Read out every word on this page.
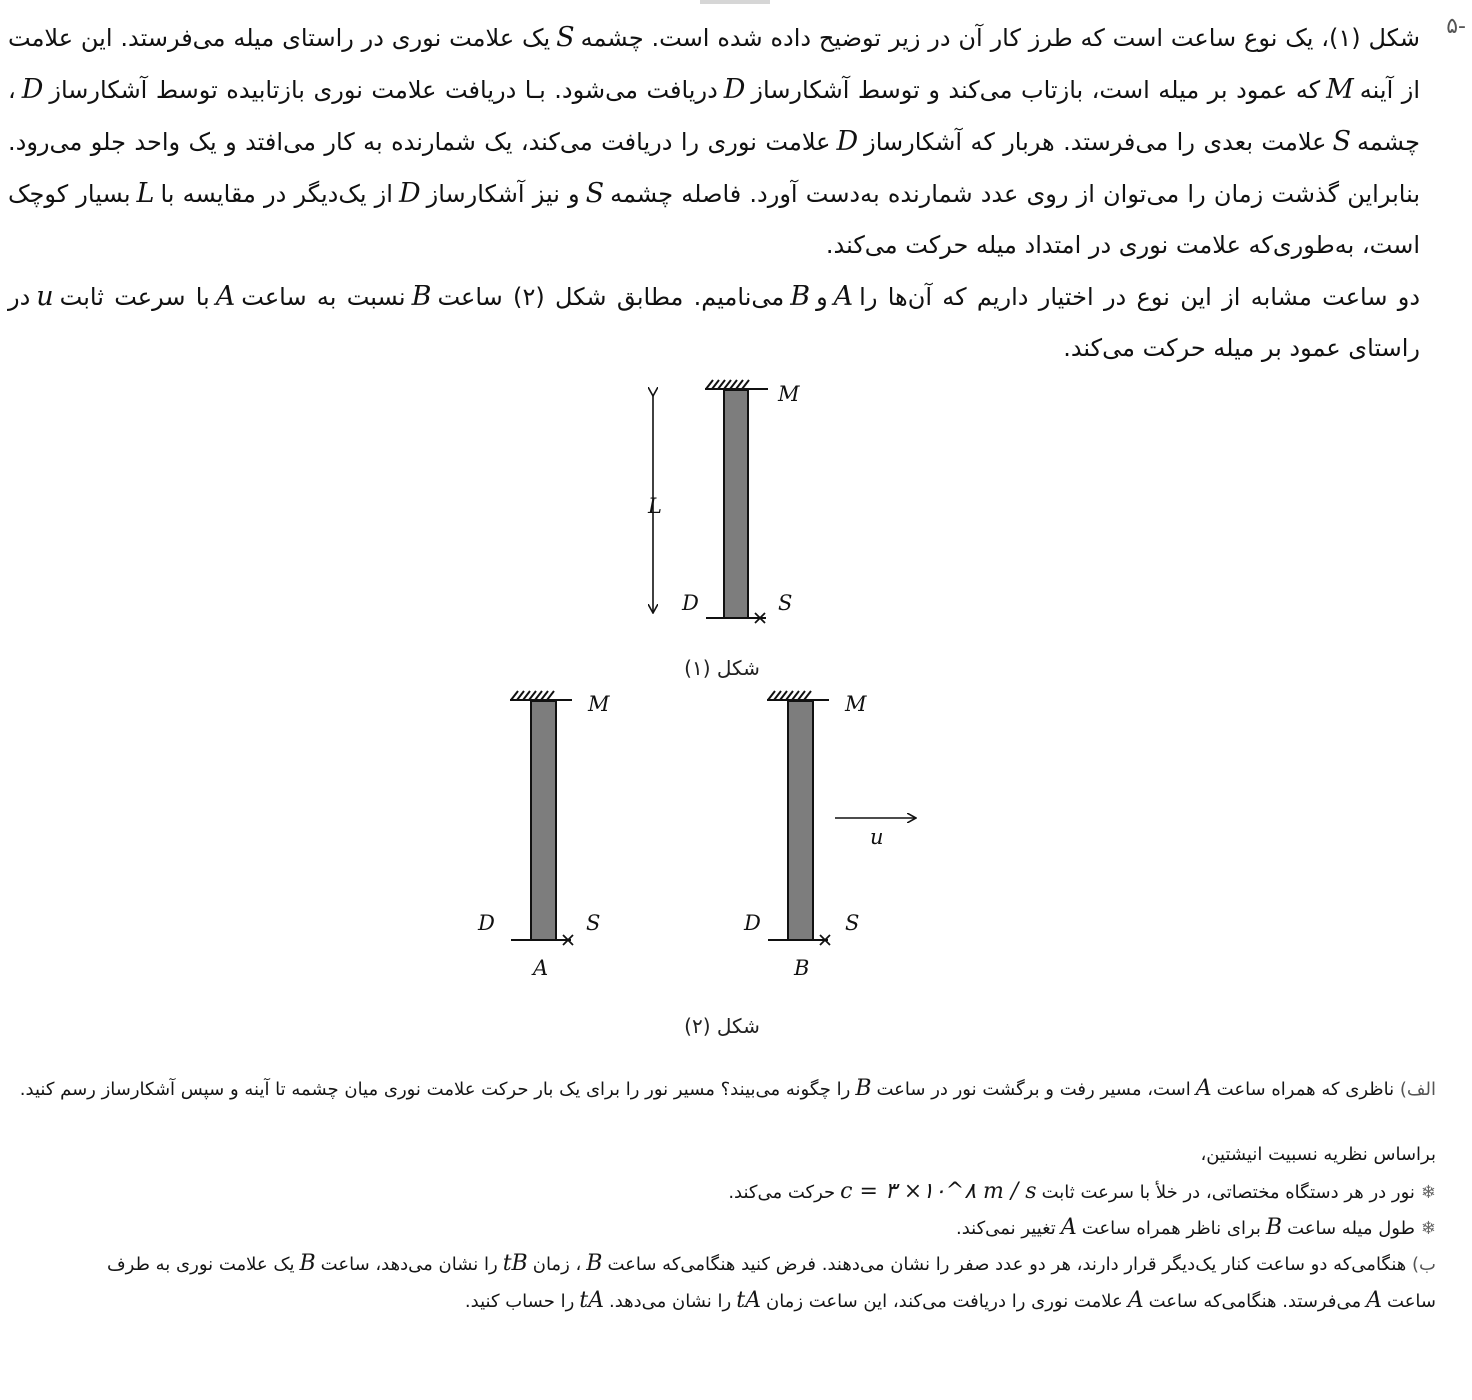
-۵

شکل (۱)، یک نوع ساعت است که طرز کار آن در زیر توضیح داده شده است. چشمهSیک علامت نوری در راستای میله می‌فرستد. این علامت از آینهMکه عمود بر میله است، بازتاب می‌کند و توسط آشکارسازDدریافت می‌شود. بـا دریافت علامت نوری بازتابیده توسط آشکارسازD، چشمهSعلامت بعدی را می‌فرستد. هربار که آشکارسازDعلامت نوری را دریافت می‌کند، یک شمارنده به کار می‌افتد و یک واحد جلو می‌رود. بنابراین گذشت زمان را می‌توان از روی عدد شمارنده به‌دست آورد. فاصله چشمهSو نیز آشکارسازDاز یک‌دیگر در مقایسه باLبسیار کوچک است، به‌طوری‌که علامت نوری در امتداد میله حرکت می‌کند.
دو ساعت مشابه از این نوع در اختیار داریم که آن‌ها راAوBمی‌نامیم. مطابق شکل (۲) ساعتBنسبت به ساعتAبا سرعت ثابتuدر راستای عمود بر میله حرکت می‌کند.

M
L
D	S
M
D	S
A
M
D	S
u
B
شکل (۱)
شکل (۲)

الف) ناظری که همراه ساعتAاست، مسیر رفت و برگشت نور در ساعتBرا چگونه می‌بیند؟ مسیر نور را برای یک بار حرکت علامت نوری میان چشمه تا آینه و سپس آشکارساز رسم کنید.

براساس نظریه نسبیت انیشتین،

❄نور در هر دستگاه مختصاتی، در خلأ با سرعت ثابتc = ۳ ×۱۰^۸ m / sحرکت می‌کند.

❄طول میله ساعتBبرای ناظر همراه ساعتAتغییر نمی‌کند.

ب) هنگامی‌که دو ساعت کنار یک‌دیگر قرار دارند، هر دو عدد صفر را نشان می‌دهند. فرض کنید هنگامی‌که ساعتB، زمانtBرا نشان می‌دهد، ساعتBیک علامت نوری به طرف ساعتAمی‌فرستد. هنگامی‌که ساعتAعلامت نوری را دریافت می‌کند، این ساعت زمانtAرا نشان می‌دهد.tAرا حساب کنید.
